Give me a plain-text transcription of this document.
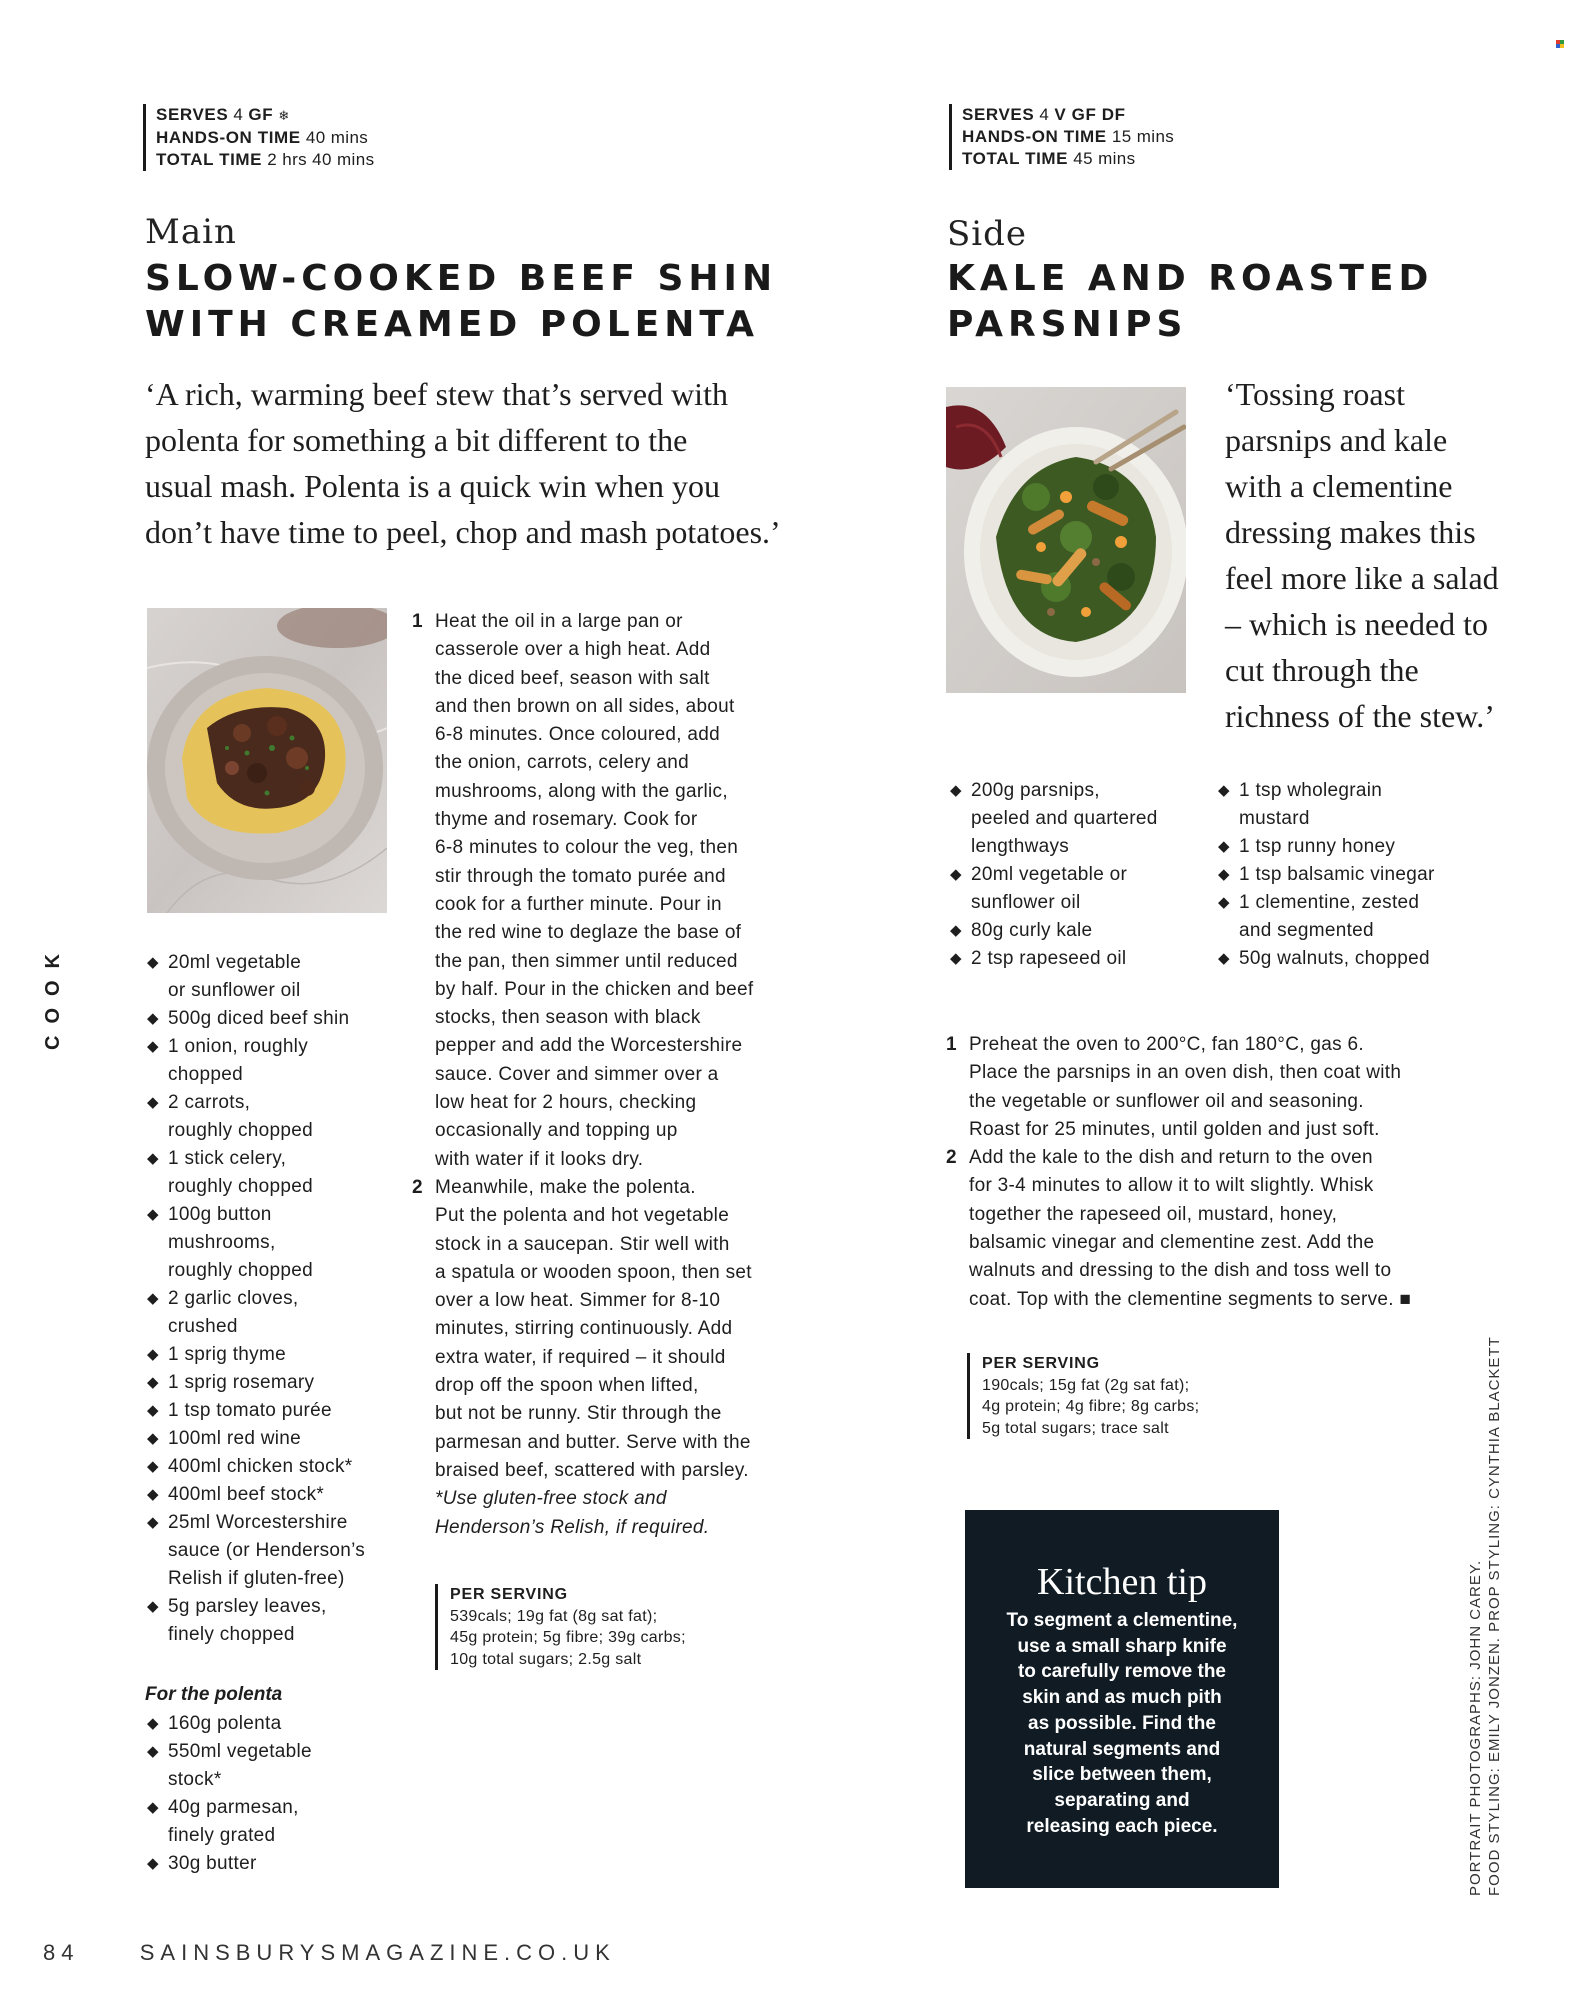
SERVES 4 GF ❄
HANDS-ON TIME 40 mins
TOTAL TIME 2 hrs 40 mins
Main
SLOW-COOKED BEEF SHIN
WITH CREAMED POLENTA
‘A rich, warming beef stew that’s served with
polenta for something a bit different to the
usual mash. Polenta is a quick win when you
don’t have time to peel, chop and mash potatoes.’
◆ 20ml vegetable
or sunflower oil
◆ 500g diced beef shin
◆ 1 onion, roughly
chopped
◆ 2 carrots,
roughly chopped
◆ 1 stick celery,
roughly chopped
◆ 100g button
mushrooms,
roughly chopped
◆ 2 garlic cloves,
crushed
◆ 1 sprig thyme
◆ 1 sprig rosemary
◆ 1 tsp tomato purée
◆ 100ml red wine
◆ 400ml chicken stock*
◆ 400ml beef stock*
◆ 25ml Worcestershire
sauce (or Henderson’s
Relish if gluten-free)
◆ 5g parsley leaves,
finely chopped
For the polenta
◆ 160g polenta
◆ 550ml vegetable
stock*
◆ 40g parmesan,
finely grated
◆ 30g butter
1 Heat the oil in a large pan or
casserole over a high heat. Add
the diced beef, season with salt
and then brown on all sides, about
6-8 minutes. Once coloured, add
the onion, carrots, celery and
mushrooms, along with the garlic,
thyme and rosemary. Cook for
6-8 minutes to colour the veg, then
stir through the tomato purée and
cook for a further minute. Pour in
the red wine to deglaze the base of
the pan, then simmer until reduced
by half. Pour in the chicken and beef
stocks, then season with black
pepper and add the Worcestershire
sauce. Cover and simmer over a
low heat for 2 hours, checking
occasionally and topping up
with water if it looks dry.
2 Meanwhile, make the polenta.
Put the polenta and hot vegetable
stock in a saucepan. Stir well with
a spatula or wooden spoon, then set
over a low heat. Simmer for 8-10
minutes, stirring continuously. Add
extra water, if required – it should
drop off the spoon when lifted,
but not be runny. Stir through the
parmesan and butter. Serve with the
braised beef, scattered with parsley.
*Use gluten-free stock and
Henderson’s Relish, if required.
PER SERVING
539cals; 19g fat (8g sat fat);
45g protein; 5g fibre; 39g carbs;
10g total sugars; 2.5g salt
SERVES 4 V GF DF
HANDS-ON TIME 15 mins
TOTAL TIME 45 mins
Side
KALE AND ROASTED
PARSNIPS
‘Tossing roast
parsnips and kale
with a clementine
dressing makes this
feel more like a salad
– which is needed to
cut through the
richness of the stew.’
◆ 200g parsnips,
peeled and quartered
lengthways
◆ 20ml vegetable or
sunflower oil
◆ 80g curly kale
◆ 2 tsp rapeseed oil
◆ 1 tsp wholegrain
mustard
◆ 1 tsp runny honey
◆ 1 tsp balsamic vinegar
◆ 1 clementine, zested
and segmented
◆ 50g walnuts, chopped
1 Preheat the oven to 200°C, fan 180°C, gas 6.
Place the parsnips in an oven dish, then coat with
the vegetable or sunflower oil and seasoning.
Roast for 25 minutes, until golden and just soft.
2 Add the kale to the dish and return to the oven
for 3-4 minutes to allow it to wilt slightly. Whisk
together the rapeseed oil, mustard, honey,
balsamic vinegar and clementine zest. Add the
walnuts and dressing to the dish and toss well to
coat. Top with the clementine segments to serve. ■
PER SERVING
190cals; 15g fat (2g sat fat);
4g protein; 4g fibre; 8g carbs;
5g total sugars; trace salt
Kitchen tip
To segment a clementine,
use a small sharp knife
to carefully remove the
skin and as much pith
as possible. Find the
natural segments and
slice between them,
separating and
releasing each piece.
COOK
PORTRAIT PHOTOGRAPHS: JOHN CAREY. FOOD STYLING: EMILY JONZEN. PROP STYLING: CYNTHIA BLACKETT
84	SAINSBURYSMAGAZINE.CO.UK
